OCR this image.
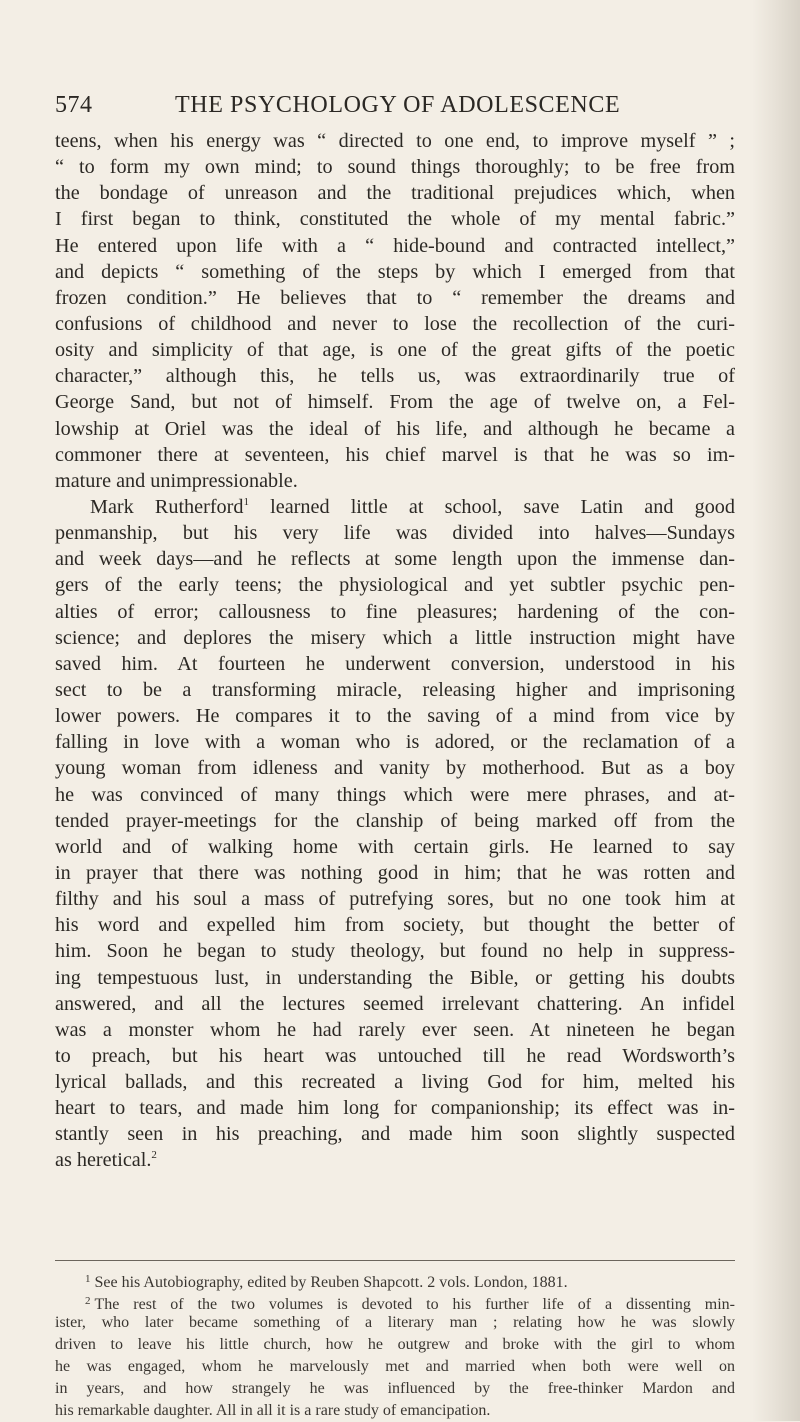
574	THE PSYCHOLOGY OF ADOLESCENCE
teens, when his energy was “ directed to one end, to improve myself ” ;
“ to form my own mind; to sound things thoroughly; to be free from
the bondage of unreason and the traditional prejudices which, when
I first began to think, constituted the whole of my mental fabric.”
He entered upon life with a “ hide-bound and contracted intellect,”
and depicts “ something of the steps by which I emerged from that
frozen condition.” He believes that to “ remember the dreams and
confusions of childhood and never to lose the recollection of the curi-
osity and simplicity of that age, is one of the great gifts of the poetic
character,” although this, he tells us, was extraordinarily true of
George Sand, but not of himself. From the age of twelve on, a Fel-
lowship at Oriel was the ideal of his life, and although he became a
commoner there at seventeen, his chief marvel is that he was so im-
mature and unimpressionable.
Mark Rutherford$^1$ learned little at school, save Latin and good
penmanship, but his very life was divided into halves—Sundays
and week days—and he reflects at some length upon the immense dan-
gers of the early teens; the physiological and yet subtler psychic pen-
alties of error; callousness to fine pleasures; hardening of the con-
science; and deplores the misery which a little instruction might have
saved him. At fourteen he underwent conversion, understood in his
sect to be a transforming miracle, releasing higher and imprisoning
lower powers. He compares it to the saving of a mind from vice by
falling in love with a woman who is adored, or the reclamation of a
young woman from idleness and vanity by motherhood. But as a boy
he was convinced of many things which were mere phrases, and at-
tended prayer-meetings for the clanship of being marked off from the
world and of walking home with certain girls. He learned to say
in prayer that there was nothing good in him; that he was rotten and
filthy and his soul a mass of putrefying sores, but no one took him at
his word and expelled him from society, but thought the better of
him. Soon he began to study theology, but found no help in suppress-
ing tempestuous lust, in understanding the Bible, or getting his doubts
answered, and all the lectures seemed irrelevant chattering. An infidel
was a monster whom he had rarely ever seen. At nineteen he began
to preach, but his heart was untouched till he read Wordsworth’s
lyrical ballads, and this recreated a living God for him, melted his
heart to tears, and made him long for companionship; its effect was in-
stantly seen in his preaching, and made him soon slightly suspected
as heretical.$^2$
$^1$ See his Autobiography, edited by Reuben Shapcott. 2 vols. London, 1881.
$^2$ The rest of the two volumes is devoted to his further life of a dissenting min-
ister, who later became something of a literary man ; relating how he was slowly
driven to leave his little church, how he outgrew and broke with the girl to whom
he was engaged, whom he marvelously met and married when both were well on
in years, and how strangely he was influenced by the free-thinker Mardon and
his remarkable daughter. All in all it is a rare study of emancipation.
